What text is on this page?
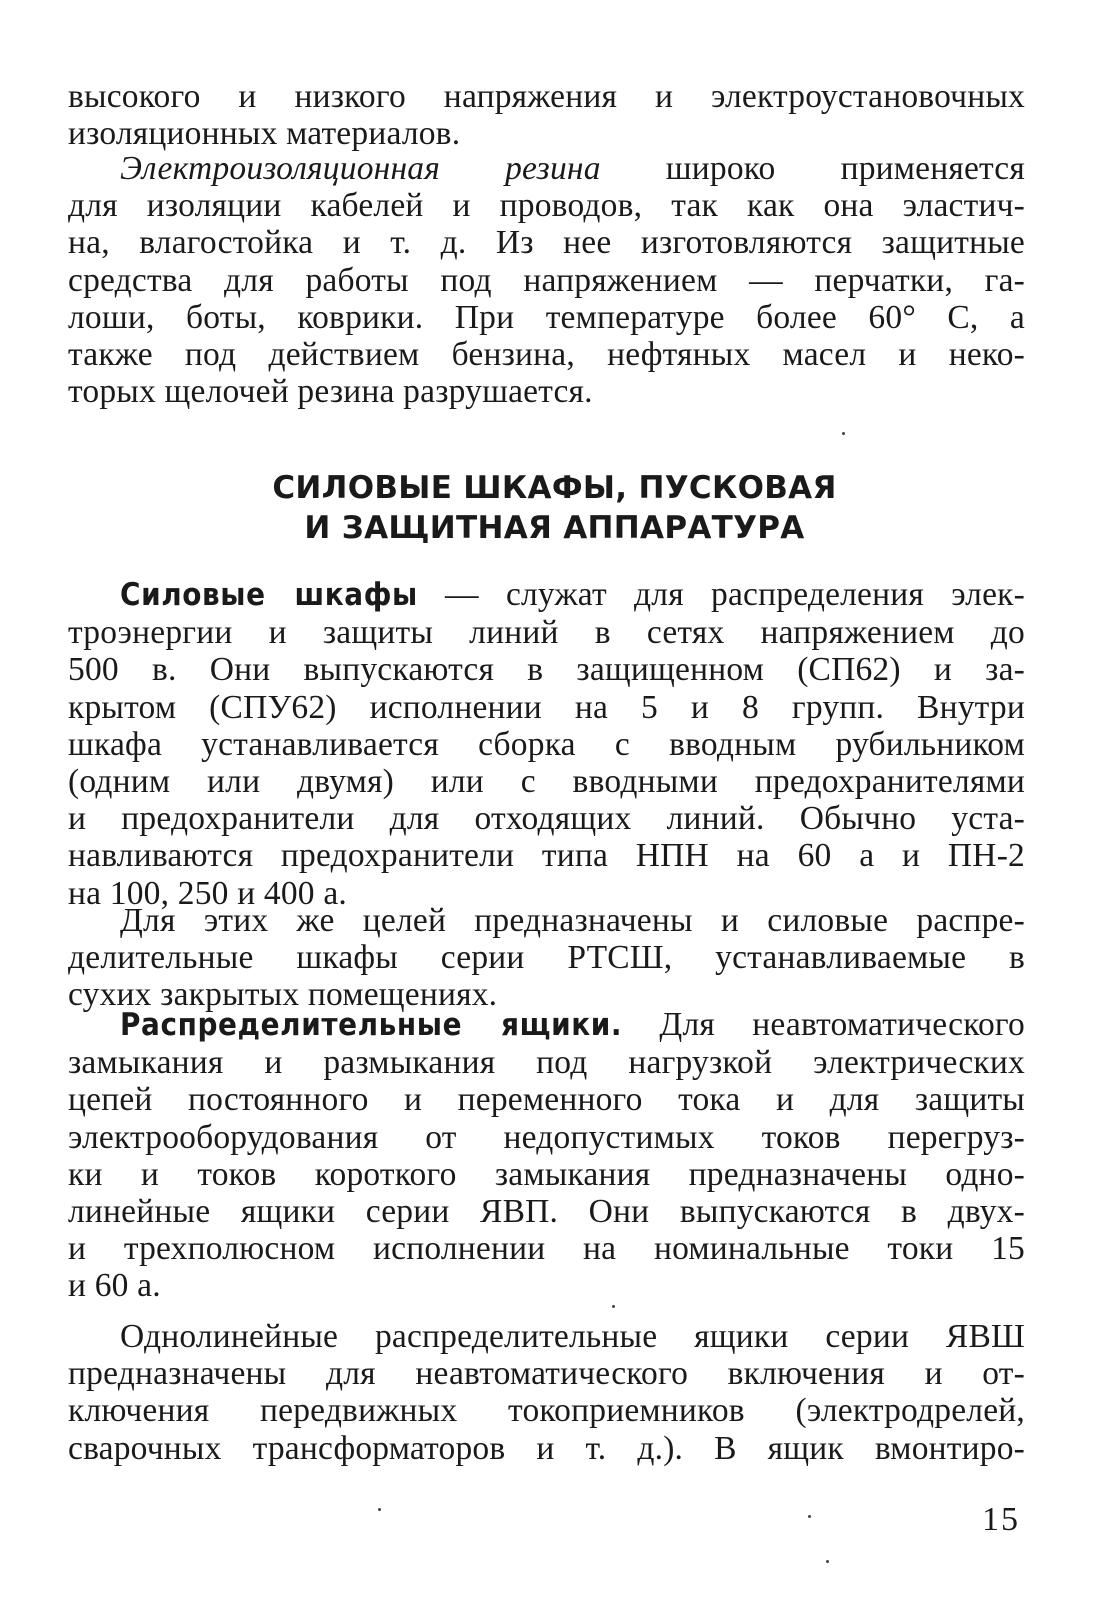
высокого и низкого напряжения и электроустановочных
изоляционных материалов.
Электроизоляционная резина широко применяется
для изоляции кабелей и проводов, так как она эластич-
на, влагостойка и т. д. Из нее изготовляются защитные
средства для работы под напряжением — перчатки, га-
лоши, боты, коврики. При температуре более 60° С, а
также под действием бензина, нефтяных масел и неко-
торых щелочей резина разрушается.
СИЛОВЫЕ ШКАФЫ, ПУСКОВАЯ
И ЗАЩИТНАЯ АППАРАТУРА
Силовые шкафы — служат для распределения элек-
троэнергии и защиты линий в сетях напряжением до
500 в. Они выпускаются в защищенном (СП62) и за-
крытом (СПУ62) исполнении на 5 и 8 групп. Внутри
шкафа устанавливается сборка с вводным рубильником
(одним или двумя) или с вводными предохранителями
и предохранители для отходящих линий. Обычно уста-
навливаются предохранители типа НПН на 60 а и ПН-2
на 100, 250 и 400 а.
Для этих же целей предназначены и силовые распре-
делительные шкафы серии РТСШ, устанавливаемые в
сухих закрытых помещениях.
Распределительные ящики. Для неавтоматического
замыкания и размыкания под нагрузкой электрических
цепей постоянного и переменного тока и для защиты
электрооборудования от недопустимых токов перегруз-
ки и токов короткого замыкания предназначены одно-
линейные ящики серии ЯВП. Они выпускаются в двух-
и трехполюсном исполнении на номинальные токи 15
и 60 а.
Однолинейные распределительные ящики серии ЯВШ
предназначены для неавтоматического включения и от-
ключения передвижных токоприемников (электродрелей,
сварочных трансформаторов и т. д.). В ящик вмонтиро-
15
